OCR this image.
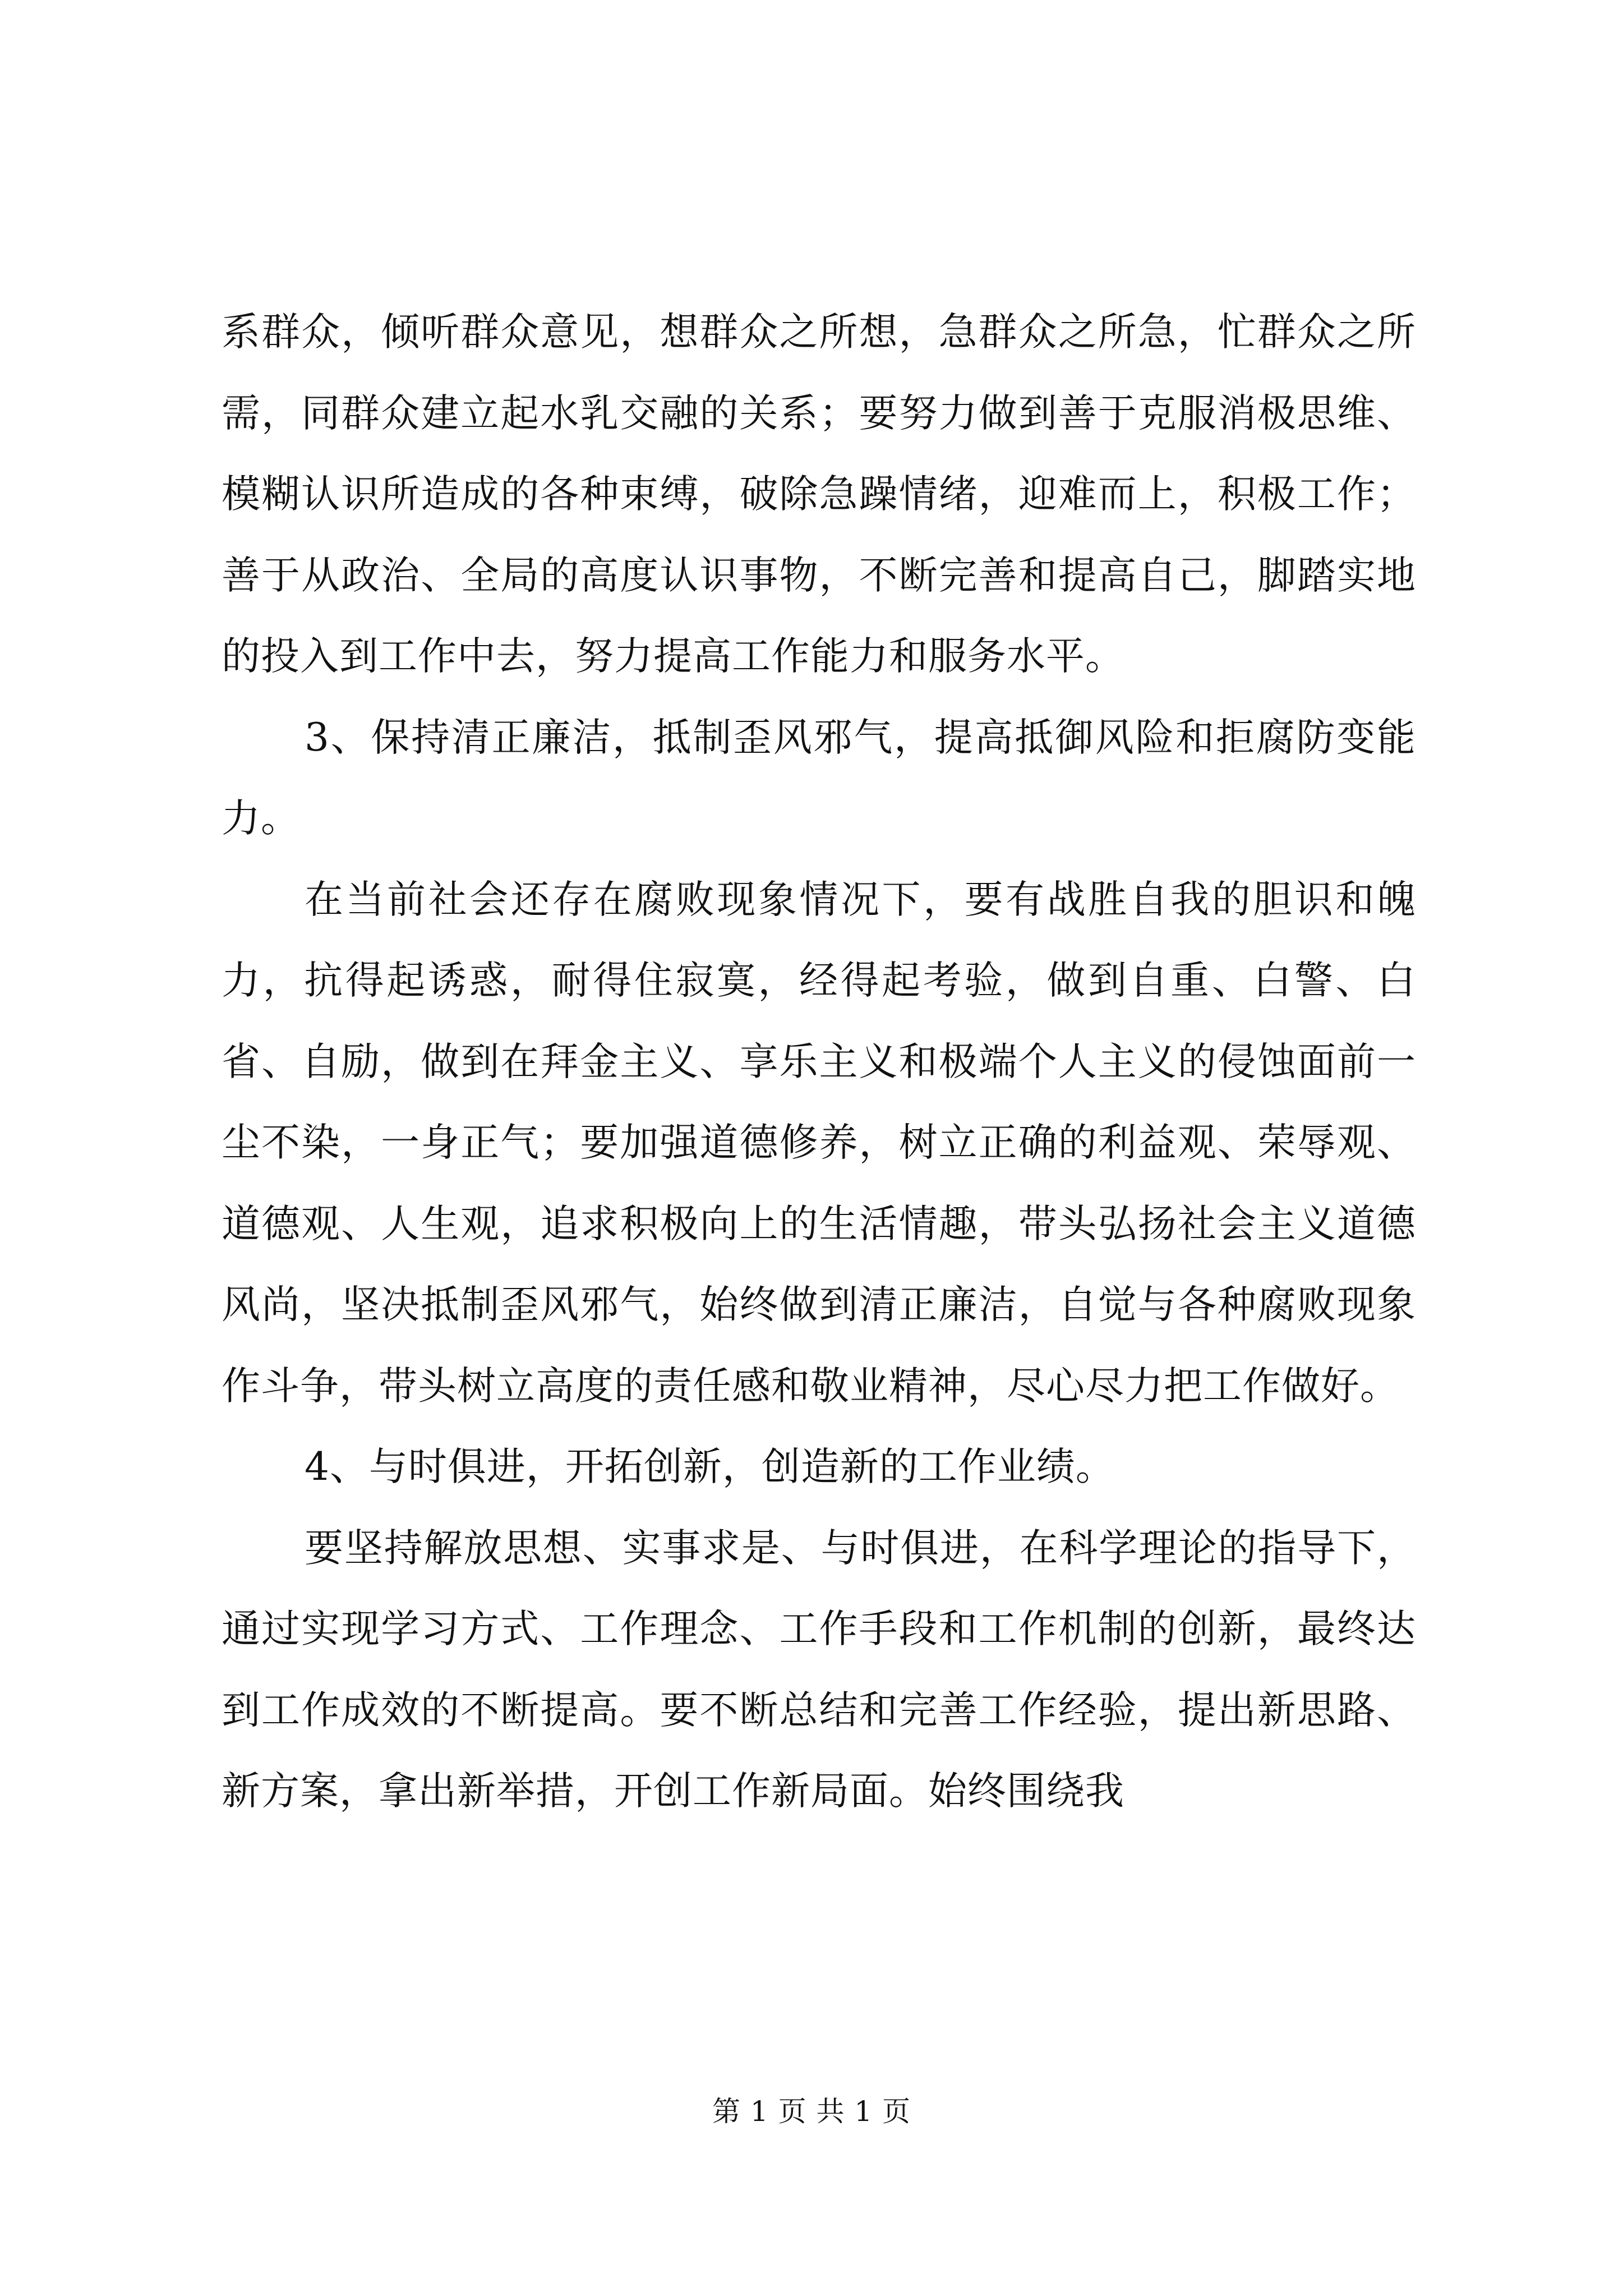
系群众，倾听群众意见，想群众之所想，急群众之所急，忙群众之所需，同群众建立起水乳交融的关系；要努力做到善于克服消极思维、模糊认识所造成的各种束缚，破除急躁情绪，迎难而上，积极工作；善于从政治、全局的高度认识事物，不断完善和提高自己，脚踏实地的投入到工作中去，努力提高工作能力和服务水平。

3、保持清正廉洁，抵制歪风邪气，提高抵御风险和拒腐防变能力。

在当前社会还存在腐败现象情况下，要有战胜自我的胆识和魄力，抗得起诱惑，耐得住寂寞，经得起考验，做到自重、白警、白省、自励，做到在拜金主义、享乐主义和极端个人主义的侵蚀面前一尘不染，一身正气；要加强道德修养，树立正确的利益观、荣辱观、道德观、人生观，追求积极向上的生活情趣，带头弘扬社会主义道德风尚，坚决抵制歪风邪气，始终做到清正廉洁，自觉与各种腐败现象作斗争，带头树立高度的责任感和敬业精神，尽心尽力把工作做好。

4、与时俱进，开拓创新，创造新的工作业绩。

要坚持解放思想、实事求是、与时俱进，在科学理论的指导下，通过实现学习方式、工作理念、工作手段和工作机制的创新，最终达到工作成效的不断提高。要不断总结和完善工作经验，提出新思路、新方案，拿出新举措，开创工作新局面。始终围绕我

第 1 页 共 1 页
